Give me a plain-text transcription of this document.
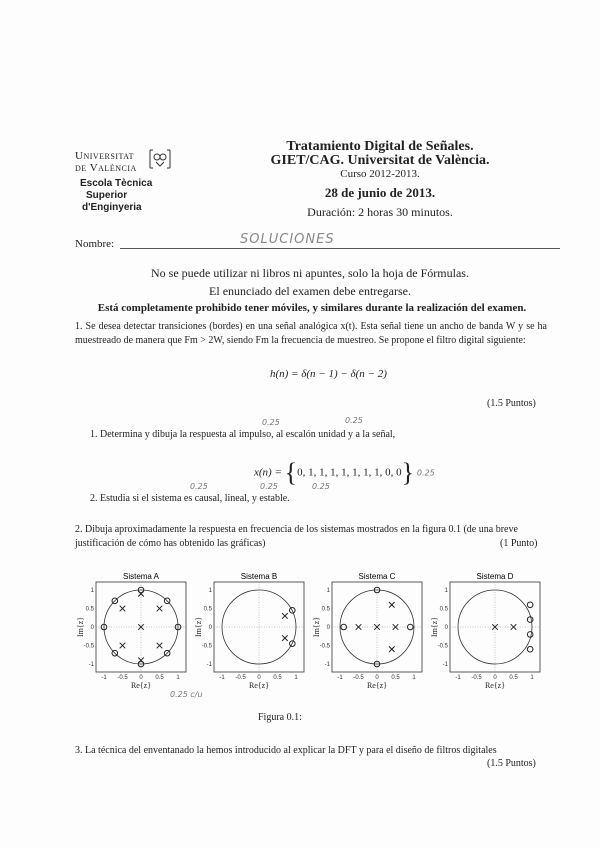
Universitat
de València
Escola Tècnica
Superior
d'Enginyeria
Tratamiento Digital de Señales.
GIET/CAG. Universitat de València.
Curso 2012-2013.
28 de junio de 2013.
Duración: 2 horas 30 minutos.
Nombre:	SOLUCIONES
No se puede utilizar ni libros ni apuntes, solo la hoja de Fórmulas.
El enunciado del examen debe entregarse.
Está completamente prohibido tener móviles, y similares durante la realización del examen.
1. Se desea detectar transiciones (bordes) en una señal analógica x(t). Esta señal tiene un ancho de banda W y se ha muestreado de manera que Fm > 2W, siendo Fm la frecuencia de muestreo. Se propone el filtro digital siguiente:
h(n) = δ(n − 1) − δ(n − 2)
(1.5 Puntos)
1. Determina y dibuja la respuesta al impulso, al escalón unidad y a la señal,
0.25	0.25
x(n) = {0, 1, 1, 1, 1, 1, 1, 1, 0, 0} 0.25
2. Estudia si el sistema es causal, lineal, y estable.
0.25	0.25	0.25
2. Dibuja aproximadamente la respuesta en frecuencia de los sistemas mostrados en la figura 0.1 (de una breve justificación de cómo has obtenido las gráficas)	(1 Punto)
Sistema A
-1
-1
-0.5
-0.5
0
0
0.5
0.5
1
1
Re{z}
Im{z}
Sistema B
-1
-1
-0.5
-0.5
0
0
0.5
0.5
1
1
Re{z}
Im{z}
Sistema C
-1
-1
-0.5
-0.5
0
0
0.5
0.5
1
1
Re{z}
Im{z}
Sistema D
-1
-1
-0.5
-0.5
0
0
0.5
0.5
1
1
Re{z}
Im{z}
0.25 c/u
Figura 0.1:
3. La técnica del enventanado la hemos introducido al explicar la DFT y para el diseño de filtros digitales
(1.5 Puntos)
